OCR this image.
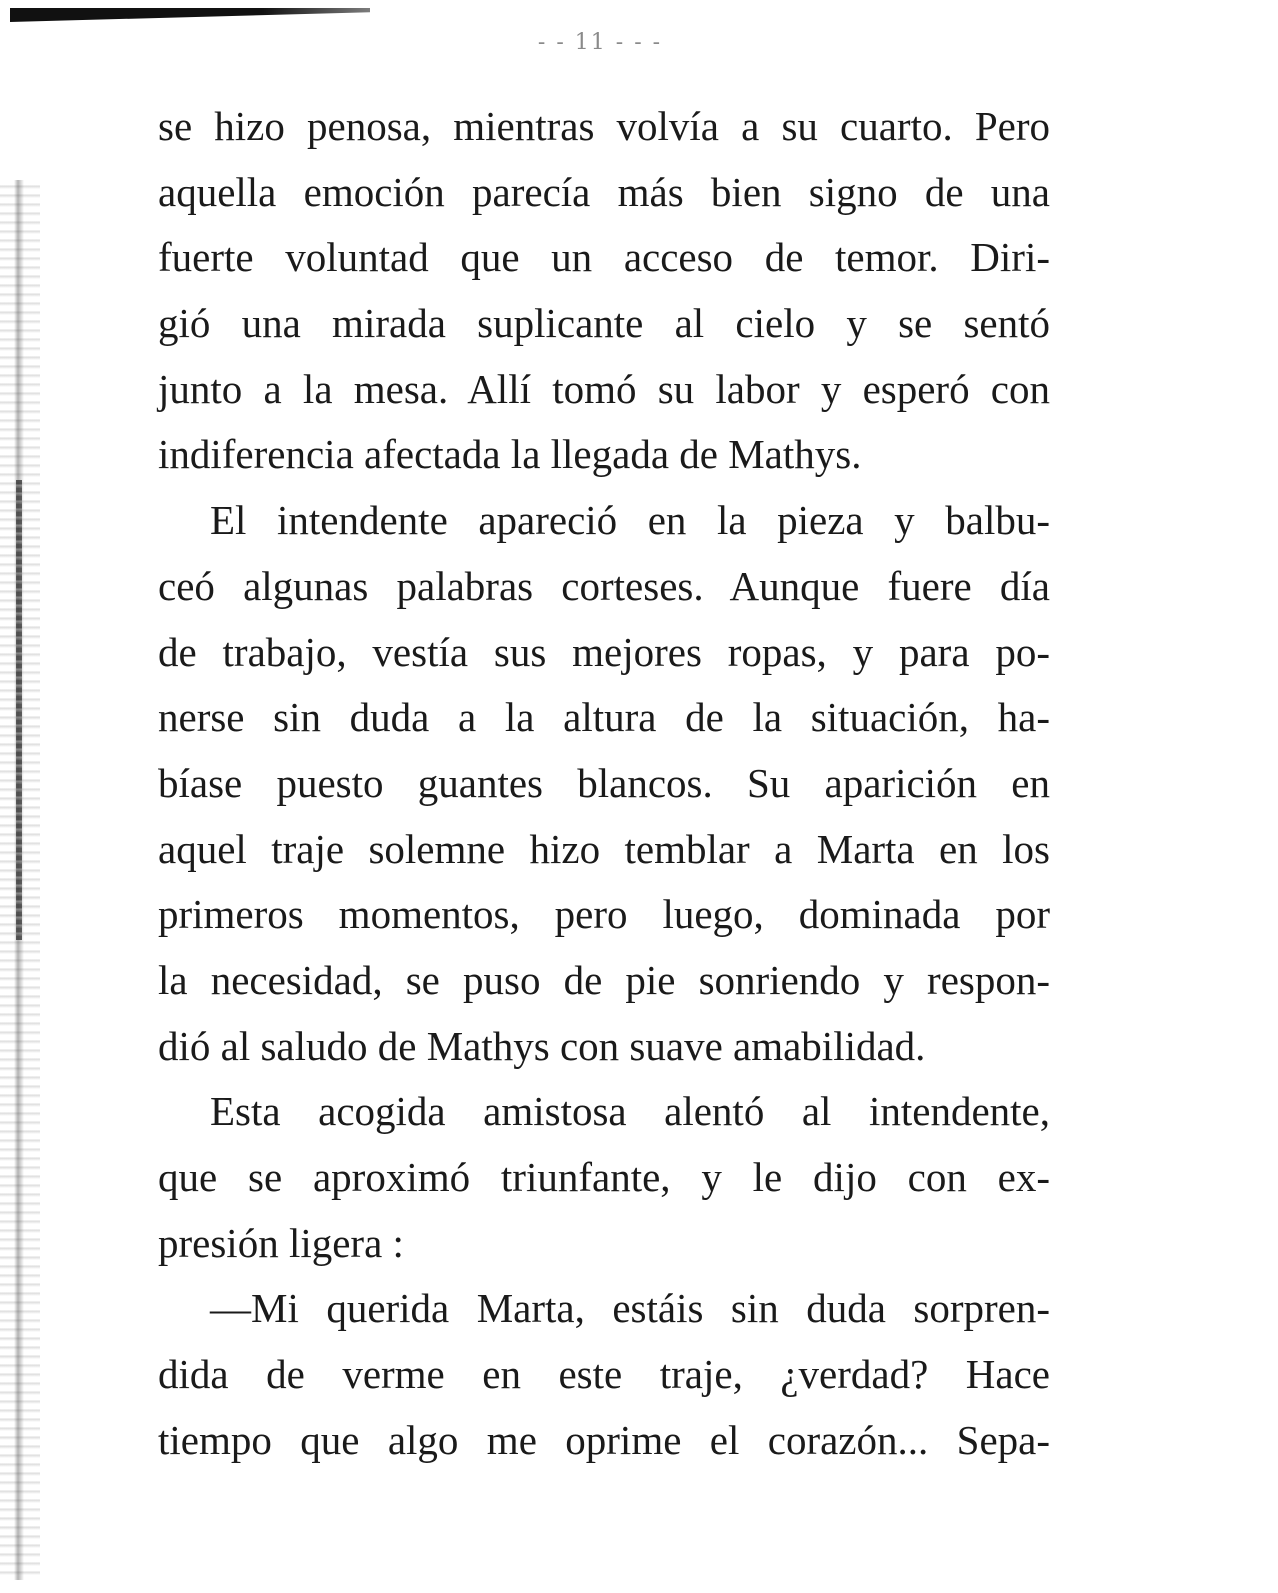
- - 11 - - -
se hizo penosa, mientras volvía a su cuarto. Pero
aquella emoción parecía más bien signo de una
fuerte voluntad que un acceso de temor. Diri-
gió una mirada suplicante al cielo y se sentó
junto a la mesa. Allí tomó su labor y esperó con
indiferencia afectada la llegada de Mathys.
El intendente apareció en la pieza y balbu-
ceó algunas palabras corteses. Aunque fuere día
de trabajo, vestía sus mejores ropas, y para po-
nerse sin duda a la altura de la situación, ha-
bíase puesto guantes blancos. Su aparición en
aquel traje solemne hizo temblar a Marta en los
primeros momentos, pero luego, dominada por
la necesidad, se puso de pie sonriendo y respon-
dió al saludo de Mathys con suave amabilidad.
Esta acogida amistosa alentó al intendente,
que se aproximó triunfante, y le dijo con ex-
presión ligera :
—Mi querida Marta, estáis sin duda sorpren-
dida de verme en este traje, ¿verdad? Hace
tiempo que algo me oprime el corazón... Sepa-
